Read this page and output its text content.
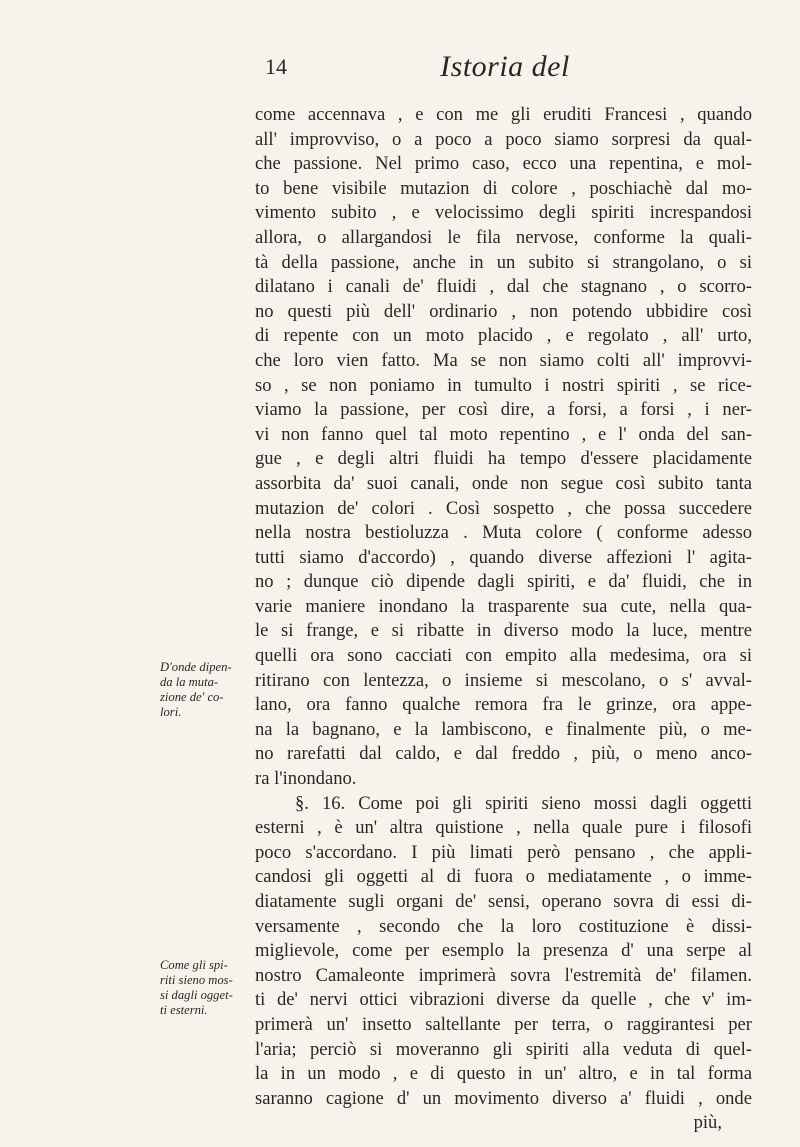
14	Istoria del
D'onde dipen-
da la muta-
zione de' co-
lori.
Come gli spi-
riti sieno mos-
si dagli ogget-
ti esterni.
come accennava , e con me gli eruditi Francesi , quando
all' improvviso, o a poco a poco siamo sorpresi da qual-
che passione. Nel primo caso, ecco una repentina, e mol-
to bene visibile mutazion di colore , poschiachè dal mo-
vimento subito , e velocissimo degli spiriti increspandosi
allora, o allargandosi le fila nervose, conforme la quali-
tà della passione, anche in un subito si strangolano, o si
dilatano i canali de' fluidi , dal che stagnano , o scorro-
no questi più dell' ordinario , non potendo ubbidire così
di repente con un moto placido , e regolato , all' urto,
che loro vien fatto. Ma se non siamo colti all' improvvi-
so , se non poniamo in tumulto i nostri spiriti , se rice-
viamo la passione, per così dire, a forsi, a forsi , i ner-
vi non fanno quel tal moto repentino , e l' onda del san-
gue , e degli altri fluidi ha tempo d'essere placidamente
assorbita da' suoi canali, onde non segue così subito tanta
mutazion de' colori . Così sospetto , che possa succedere
nella nostra bestioluzza . Muta colore ( conforme adesso
tutti siamo d'accordo) , quando diverse affezioni l' agita-
no ; dunque ciò dipende dagli spiriti, e da' fluidi, che in
varie maniere inondano la trasparente sua cute, nella qua-
le si frange, e si ribatte in diverso modo la luce, mentre
quelli ora sono cacciati con empito alla medesima, ora si
ritirano con lentezza, o insieme si mescolano, o s' avval-
lano, ora fanno qualche remora fra le grinze, ora appe-
na la bagnano, e la lambiscono, e finalmente più, o me-
no rarefatti dal caldo, e dal freddo , più, o meno anco-
ra l'inondano.
§. 16. Come poi gli spiriti sieno mossi dagli oggetti
esterni , è un' altra quistione , nella quale pure i filosofi
poco s'accordano. I più limati però pensano , che appli-
candosi gli oggetti al di fuora o mediatamente , o imme-
diatamente sugli organi de' sensi, operano sovra di essi di-
versamente , secondo che la loro costituzione è dissi-
miglievole, come per esemplo la presenza d' una serpe al
nostro Camaleonte imprimerà sovra l'estremità de' filamen.
ti de' nervi ottici vibrazioni diverse da quelle , che v' im-
primerà un' insetto saltellante per terra, o raggirantesi per
l'aria; perciò si moveranno gli spiriti alla veduta di quel-
la in un modo , e di questo in un' altro, e in tal forma
saranno cagione d' un movimento diverso a' fluidi , onde
più,
